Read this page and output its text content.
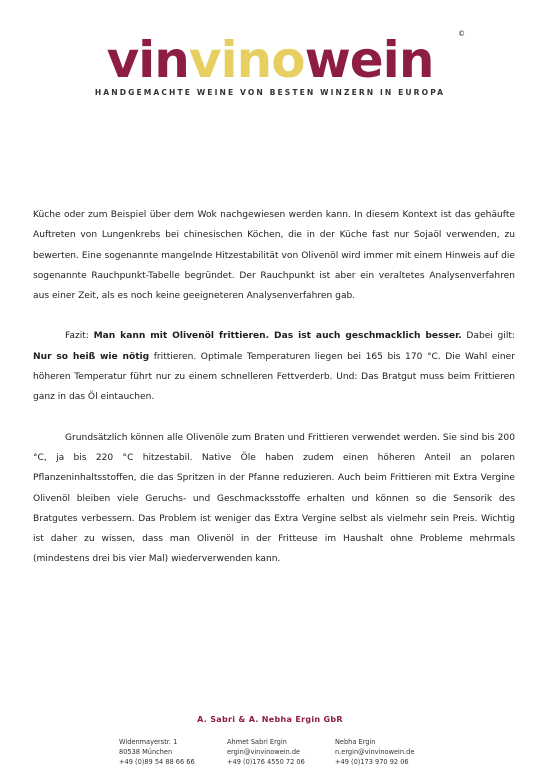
vinvinowein	©
HANDGEMACHTE WEINE VON BESTEN WINZERN IN EUROPA

Küche oder zum Beispiel über dem Wok nachgewiesen werden kann. In diesem Kontext ist das gehäufte Auftreten von Lungenkrebs bei chinesischen Köchen, die in der Küche fast nur Sojaöl verwenden, zu bewerten. Eine sogenannte mangelnde Hitzestabilität von Olivenöl wird immer mit einem Hinweis auf die sogenannte Rauchpunkt-Tabelle begründet. Der Rauchpunkt ist aber ein veraltetes Analysenverfahren aus einer Zeit, als es noch keine geeigneteren Analysenverfahren gab.

Fazit: Man kann mit Olivenöl frittieren. Das ist auch geschmacklich besser. Dabei gilt: Nur so heiß wie nötig frittieren. Optimale Temperaturen liegen bei 165 bis 170 °C. Die Wahl einer höheren Temperatur führt nur zu einem schnelleren Fettverderb. Und: Das Bratgut muss beim Frittieren ganz in das Öl eintauchen.

Grundsätzlich können alle Olivenöle zum Braten und Frittieren verwendet werden. Sie sind bis 200 °C, ja bis 220 °C hitzestabil. Native Öle haben zudem einen höheren Anteil an polaren Pflanzeninhaltsstoffen, die das Spritzen in der Pfanne reduzieren. Auch beim Frittieren mit Extra Vergine Olivenöl bleiben viele Geruchs- und Geschmacksstoffe erhalten und können so die Sensorik des Bratgutes verbessern. Das Problem ist weniger das Extra Vergine selbst als vielmehr sein Preis. Wichtig ist daher zu wissen, dass man Olivenöl in der Fritteuse im Haushalt ohne Probleme mehrmals (mindestens drei bis vier Mal) wiederverwenden kann.

A. Sabri & A. Nebha Ergin GbR
Widenmayerstr. 1
80538 München
+49 (0)89 54 88 66 66
Ahmet Sabri Ergin
ergin@vinvinowein.de
+49 (0)176 4550 72 06
Nebha Ergin
n.ergin@vinvinowein.de
+49 (0)173 970 92 06
